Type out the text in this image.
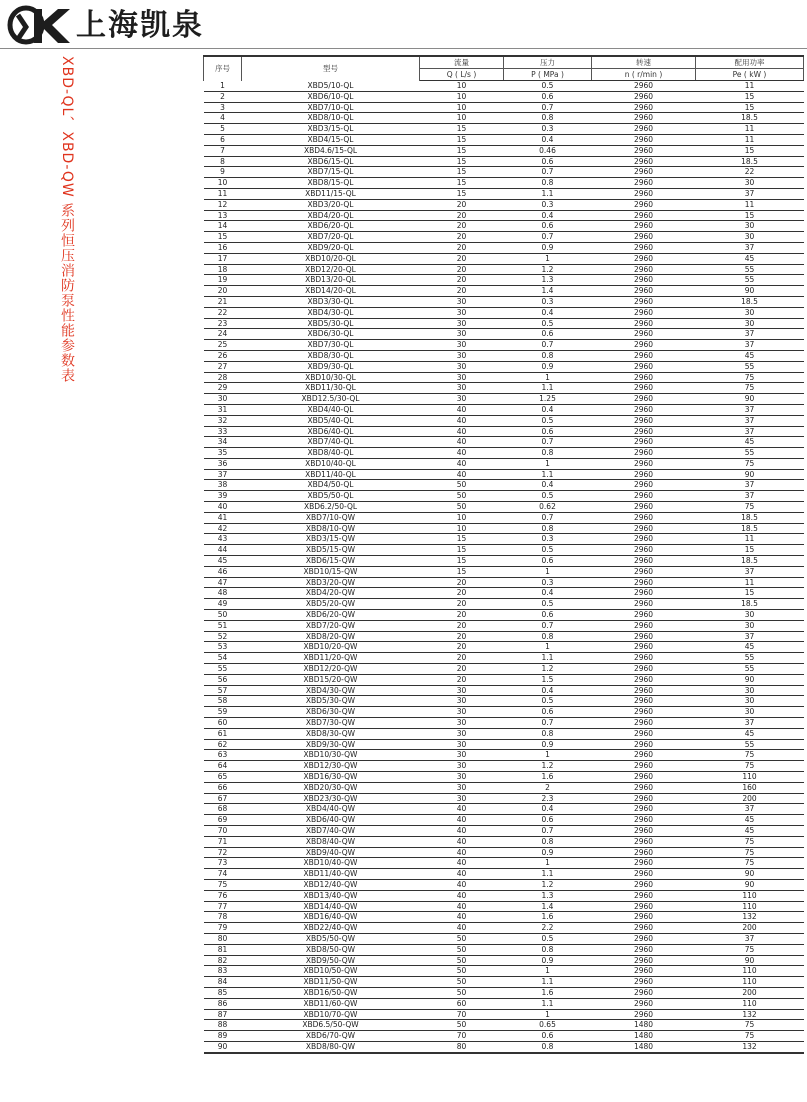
上海凯泉
XBD-QL、XBD-QW 系列恒压消防泵性能参数表	序号	型号	流量	压力	转速	配用功率
		Q ( L/s )	P ( MPa )	n ( r/min )	Pe ( kW )
1	XBD5/10-QL	10	0.5	2960	11
2	XBD6/10-QL	10	0.6	2960	15
3	XBD7/10-QL	10	0.7	2960	15
4	XBD8/10-QL	10	0.8	2960	18.5
5	XBD3/15-QL	15	0.3	2960	11
6	XBD4/15-QL	15	0.4	2960	11
7	XBD4.6/15-QL	15	0.46	2960	15
8	XBD6/15-QL	15	0.6	2960	18.5
9	XBD7/15-QL	15	0.7	2960	22
10	XBD8/15-QL	15	0.8	2960	30
11	XBD11/15-QL	15	1.1	2960	37
12	XBD3/20-QL	20	0.3	2960	11
13	XBD4/20-QL	20	0.4	2960	15
14	XBD6/20-QL	20	0.6	2960	30
15	XBD7/20-QL	20	0.7	2960	30
16	XBD9/20-QL	20	0.9	2960	37
17	XBD10/20-QL	20	1	2960	45
18	XBD12/20-QL	20	1.2	2960	55
19	XBD13/20-QL	20	1.3	2960	55
20	XBD14/20-QL	20	1.4	2960	90
21	XBD3/30-QL	30	0.3	2960	18.5
22	XBD4/30-QL	30	0.4	2960	30
23	XBD5/30-QL	30	0.5	2960	30
24	XBD6/30-QL	30	0.6	2960	37
25	XBD7/30-QL	30	0.7	2960	37
26	XBD8/30-QL	30	0.8	2960	45
27	XBD9/30-QL	30	0.9	2960	55
28	XBD10/30-QL	30	1	2960	75
29	XBD11/30-QL	30	1.1	2960	75
30	XBD12.5/30-QL	30	1.25	2960	90
31	XBD4/40-QL	40	0.4	2960	37
32	XBD5/40-QL	40	0.5	2960	37
33	XBD6/40-QL	40	0.6	2960	37
34	XBD7/40-QL	40	0.7	2960	45
35	XBD8/40-QL	40	0.8	2960	55
36	XBD10/40-QL	40	1	2960	75
37	XBD11/40-QL	40	1.1	2960	90
38	XBD4/50-QL	50	0.4	2960	37
39	XBD5/50-QL	50	0.5	2960	37
40	XBD6.2/50-QL	50	0.62	2960	75
41	XBD7/10-QW	10	0.7	2960	18.5
42	XBD8/10-QW	10	0.8	2960	18.5
43	XBD3/15-QW	15	0.3	2960	11
44	XBD5/15-QW	15	0.5	2960	15
45	XBD6/15-QW	15	0.6	2960	18.5
46	XBD10/15-QW	15	1	2960	37
47	XBD3/20-QW	20	0.3	2960	11
48	XBD4/20-QW	20	0.4	2960	15
49	XBD5/20-QW	20	0.5	2960	18.5
50	XBD6/20-QW	20	0.6	2960	30
51	XBD7/20-QW	20	0.7	2960	30
52	XBD8/20-QW	20	0.8	2960	37
53	XBD10/20-QW	20	1	2960	45
54	XBD11/20-QW	20	1.1	2960	55
55	XBD12/20-QW	20	1.2	2960	55
56	XBD15/20-QW	20	1.5	2960	90
57	XBD4/30-QW	30	0.4	2960	30
58	XBD5/30-QW	30	0.5	2960	30
59	XBD6/30-QW	30	0.6	2960	30
60	XBD7/30-QW	30	0.7	2960	37
61	XBD8/30-QW	30	0.8	2960	45
62	XBD9/30-QW	30	0.9	2960	55
63	XBD10/30-QW	30	1	2960	75
64	XBD12/30-QW	30	1.2	2960	75
65	XBD16/30-QW	30	1.6	2960	110
66	XBD20/30-QW	30	2	2960	160
67	XBD23/30-QW	30	2.3	2960	200
68	XBD4/40-QW	40	0.4	2960	37
69	XBD6/40-QW	40	0.6	2960	45
70	XBD7/40-QW	40	0.7	2960	45
71	XBD8/40-QW	40	0.8	2960	75
72	XBD9/40-QW	40	0.9	2960	75
73	XBD10/40-QW	40	1	2960	75
74	XBD11/40-QW	40	1.1	2960	90
75	XBD12/40-QW	40	1.2	2960	90
76	XBD13/40-QW	40	1.3	2960	110
77	XBD14/40-QW	40	1.4	2960	110
78	XBD16/40-QW	40	1.6	2960	132
79	XBD22/40-QW	40	2.2	2960	200
80	XBD5/50-QW	50	0.5	2960	37
81	XBD8/50-QW	50	0.8	2960	75
82	XBD9/50-QW	50	0.9	2960	90
83	XBD10/50-QW	50	1	2960	110
84	XBD11/50-QW	50	1.1	2960	110
85	XBD16/50-QW	50	1.6	2960	200
86	XBD11/60-QW	60	1.1	2960	110
87	XBD10/70-QW	70	1	2960	132
88	XBD6.5/50-QW	50	0.65	1480	75
89	XBD6/70-QW	70	0.6	1480	75
90	XBD8/80-QW	80	0.8	1480	132
